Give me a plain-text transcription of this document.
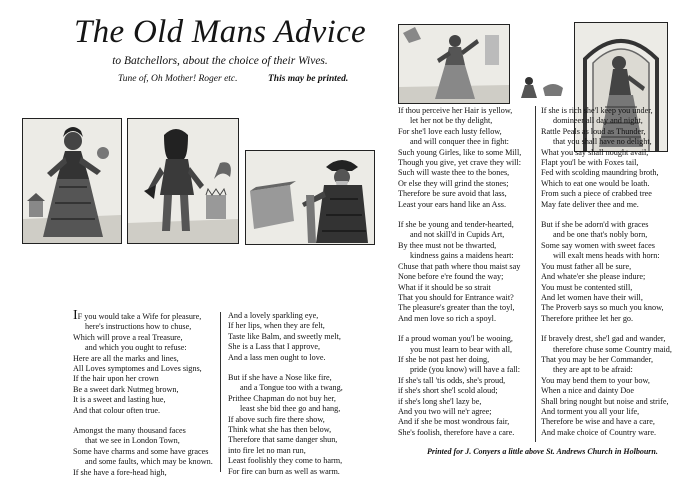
The Old Mans Advice
to Batchellors, about the choice of their Wives.
Tune of, Oh Mother! Roger etc.	This may be printed.
IF you would take a Wife for pleasure,
here's instructions how to chuse,
Which will prove a real Treasure,
and which you ought to refuse:
Here are all the marks and lines,
All Loves symptomes and Loves signs,
If the hair upon her crown
Be a sweet dark Nutmeg brown,
It is a sweet and lasting hue,
And that colour often true.
Amongst the many thousand faces
that we see in London Town,
Some have charms and some have graces
and some faults, which may be known.
If she have a fore-head high,
And a lovely sparkling eye,
If her lips, when they are felt,
Taste like Balm, and sweetly melt,
She is a Lass that I approve,
And a lass men ought to love.
But if she have a Nose like fire,
and a Tongue too with a twang,
Prithee Chapman do not buy her,
least she bid thee go and hang,
If above such fire there show,
Think what she has then below,
Therefore that same danger shun,
into fire let no man run,
Least foolishly they come to harm,
For fire can burn as well as warm.
If thou perceive her Hair is yellow,
let her not be thy delight,
For she'l love each lusty fellow,
and will conquer thee in fight:
Such young Girles, like to some Mill,
Though you give, yet crave they will:
Such will waste thee to the bones,
Or else they will grind the stones;
Therefore be sure avoid that lass,
Least your ears hand like an Ass.
If she be young and tender-hearted,
and not skill'd in Cupids Art,
By thee must not be thwarted,
kindness gains a maidens heart:
Chuse that path where thou maist say
None before e're found the way;
What if it should be so strait
That you should for Entrance wait?
The pleasure's greater than the toyl,
And men love so rich a spoyl.
If a proud woman you'l be wooing,
you must learn to bear with all,
If she be not past her doing,
pride (you know) will have a fall:
If she's tall 'tis odds, she's proud,
if she's short she'l scold aloud;
if she's long she'l lazy be,
And you two will ne'r agree;
And if she be most wondrous fair,
She's foolish, therefore have a care.
If she is rich she'l keep you under,
domineer all day and night,
Rattle Peals as loud as Thunder,
that you shall have no delight,
What you say shall nought avail,
Flapt you'l be with Foxes tail,
Fed with scolding maundring broth,
Which to eat one would be loath.
From such a piece of crabbed tree
May fate deliver thee and me.
But if she be adorn'd with graces
and be one that's nobly born,
Some say women with sweet faces
will exalt mens heads with horn:
You must father all be sure,
And whate'er she please indure;
You must be contented still,
And let women have their will,
The Proverb says so much you know,
Therefore prithee let her go.
If bravely drest, she'l gad and wander,
therefore chuse some Country maid,
That you may be her Commander,
they are apt to be afraid:
You may bend them to your bow,
When a nice and dainty Doe
Shall bring nought but noise and strife,
And torment you all your life,
Therefore be wise and have a care,
And make choice of Country ware.
Printed for J. Conyers a little above St. Andrews Church in Holbourn.
